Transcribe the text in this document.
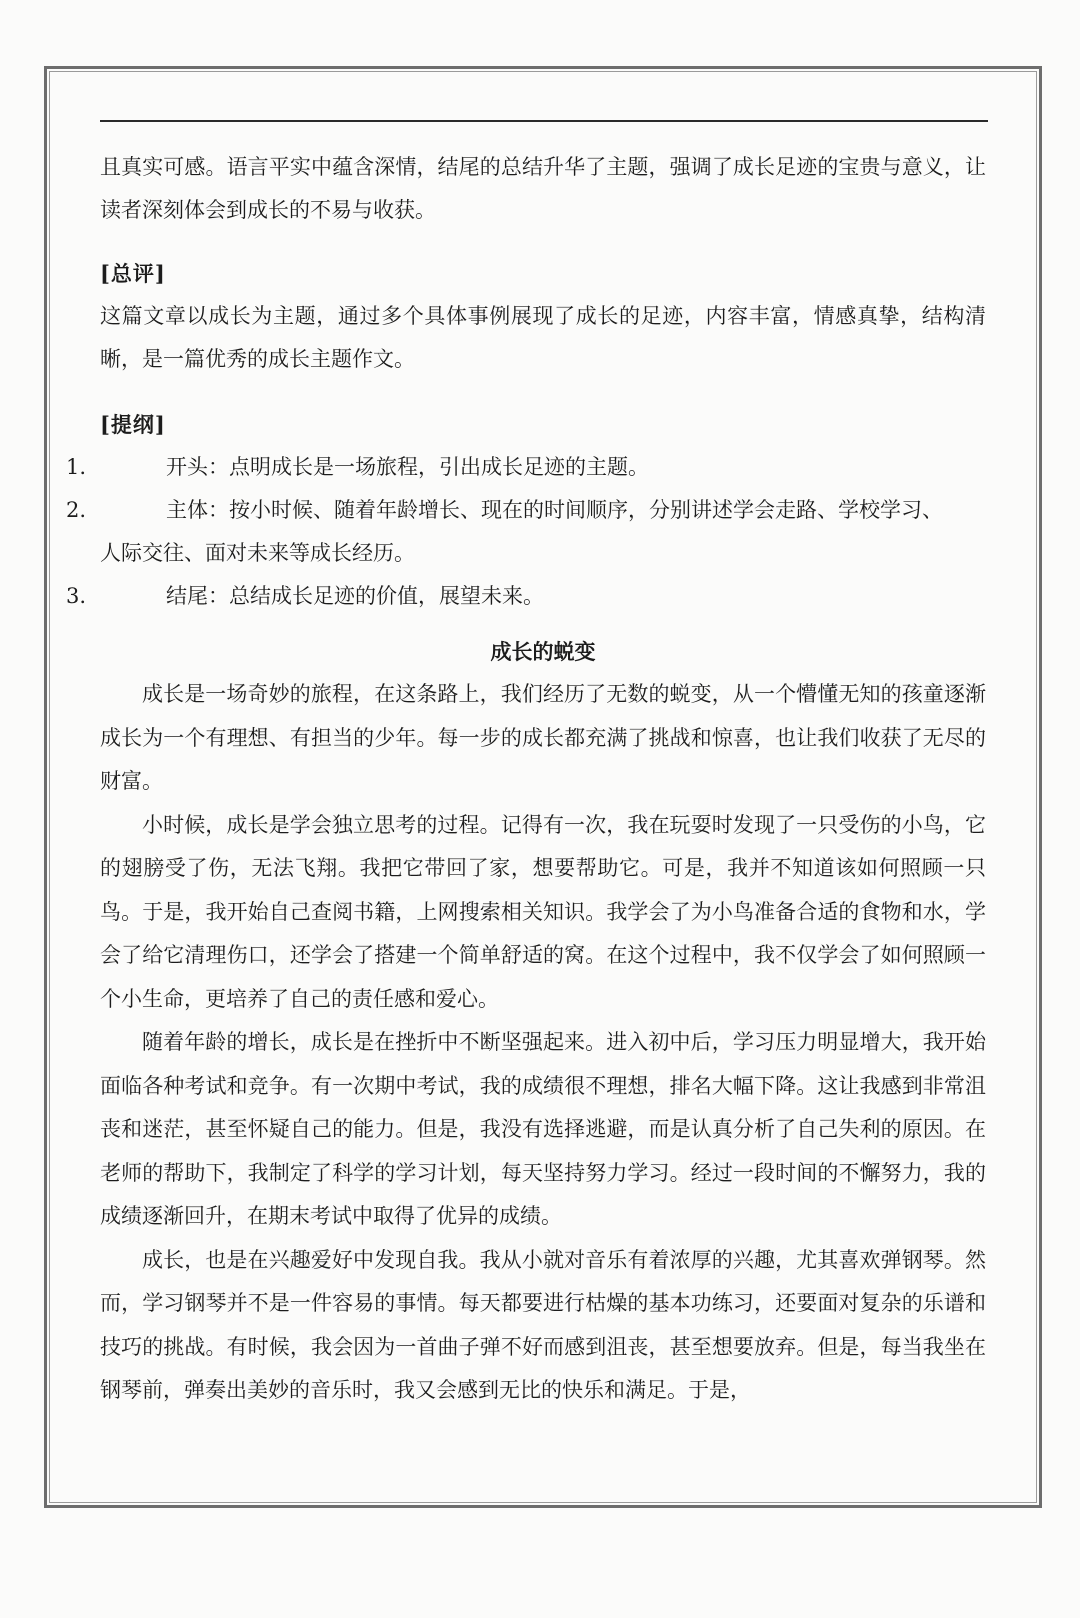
且真实可感。语言平实中蕴含深情，结尾的总结升华了主题，强调了成长足迹的宝贵与意义，让读者深刻体会到成长的不易与收获。

[总评]

这篇文章以成长为主题，通过多个具体事例展现了成长的足迹，内容丰富，情感真挚，结构清晰，是一篇优秀的成长主题作文。

[提纲]

1.	开头：点明成长是一场旅程，引出成长足迹的主题。
2.	主体：按小时候、随着年龄增长、现在的时间顺序，分别讲述学会走路、学校学习、

人际交往、面对未来等成长经历。

3.	结尾：总结成长足迹的价值，展望未来。

成长的蜕变

成长是一场奇妙的旅程，在这条路上，我们经历了无数的蜕变，从一个懵懂无知的孩童逐渐成长为一个有理想、有担当的少年。每一步的成长都充满了挑战和惊喜，也让我们收获了无尽的财富。

小时候，成长是学会独立思考的过程。记得有一次，我在玩耍时发现了一只受伤的小鸟，它的翅膀受了伤，无法飞翔。我把它带回了家，想要帮助它。可是，我并不知道该如何照顾一只鸟。于是，我开始自己查阅书籍，上网搜索相关知识。我学会了为小鸟准备合适的食物和水，学会了给它清理伤口，还学会了搭建一个简单舒适的窝。在这个过程中，我不仅学会了如何照顾一个小生命，更培养了自己的责任感和爱心。

随着年龄的增长，成长是在挫折中不断坚强起来。进入初中后，学习压力明显增大，我开始面临各种考试和竞争。有一次期中考试，我的成绩很不理想，排名大幅下降。这让我感到非常沮丧和迷茫，甚至怀疑自己的能力。但是，我没有选择逃避，而是认真分析了自己失利的原因。在老师的帮助下，我制定了科学的学习计划，每天坚持努力学习。经过一段时间的不懈努力，我的成绩逐渐回升，在期末考试中取得了优异的成绩。

成长，也是在兴趣爱好中发现自我。我从小就对音乐有着浓厚的兴趣，尤其喜欢弹钢琴。然而，学习钢琴并不是一件容易的事情。每天都要进行枯燥的基本功练习，还要面对复杂的乐谱和技巧的挑战。有时候，我会因为一首曲子弹不好而感到沮丧，甚至想要放弃。但是，每当我坐在钢琴前，弹奏出美妙的音乐时，我又会感到无比的快乐和满足。于是，
